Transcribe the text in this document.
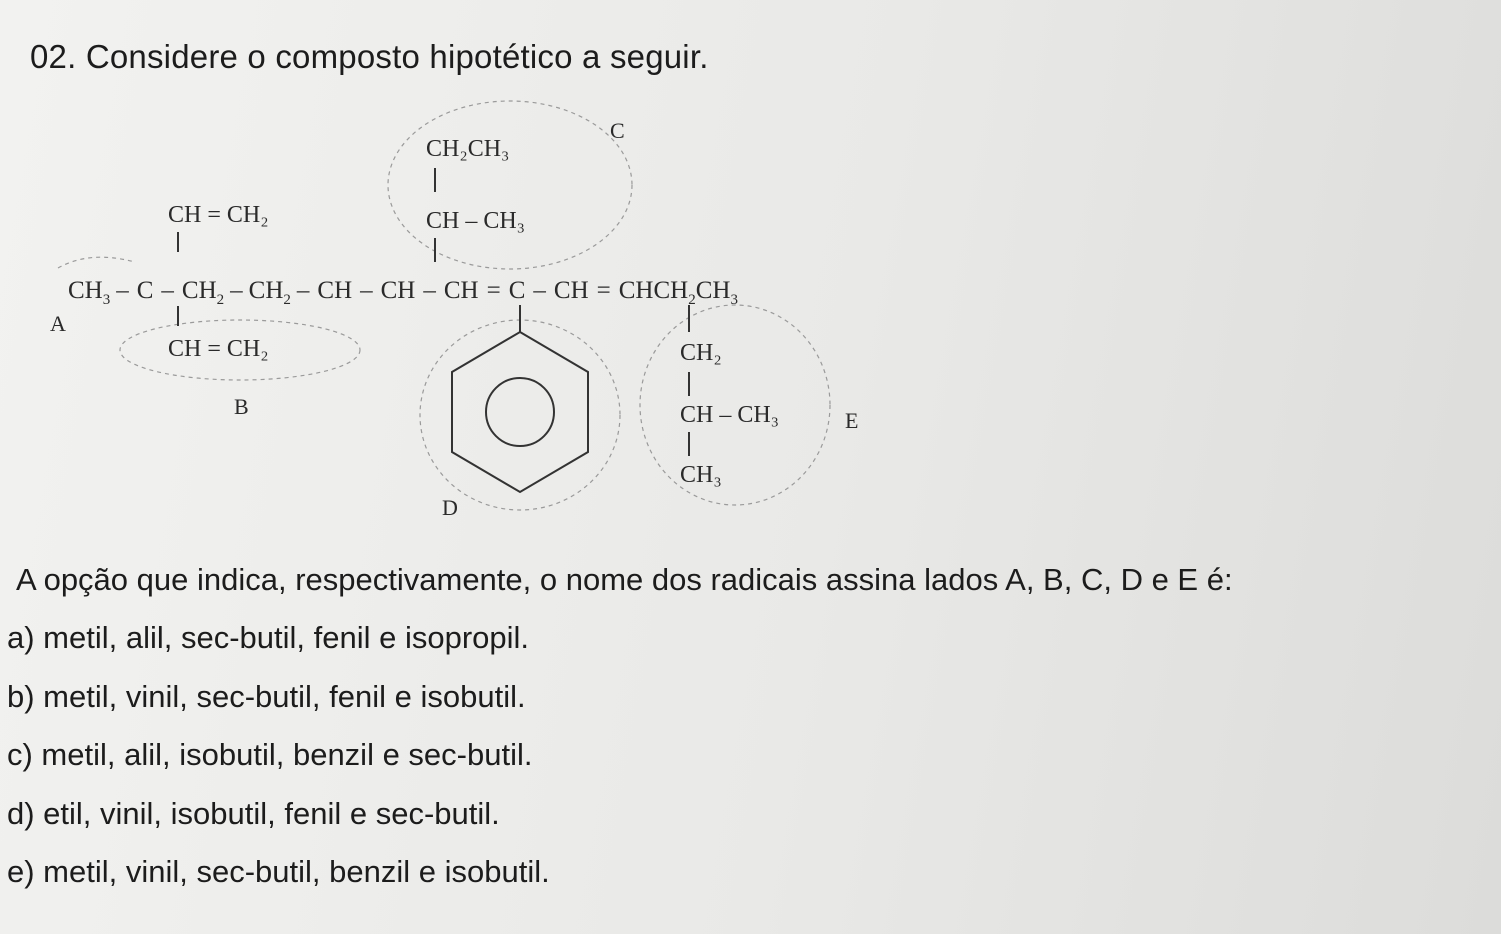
02. Considere o composto hipotético a seguir.
$CH_3$ – C – $CH_2 - CH_2$ – CH – CH – CH = C – CH = $CHCH_2CH_3$
CH = CH₂
CH = CH₂
CH₂CH₃
CH – CH₃
CH₂
CH – CH₃
CH₃
A
B
C
D
E
A opção que indica, respectivamente, o nome dos radicais assina lados A, B, C, D e E é:
a) metil, alil, sec-butil, fenil e isopropil.
b) metil, vinil, sec-butil, fenil e isobutil.
c) metil, alil, isobutil, benzil e sec-butil.
d) etil, vinil, isobutil, fenil e sec-butil.
e) metil, vinil, sec-butil, benzil e isobutil.
